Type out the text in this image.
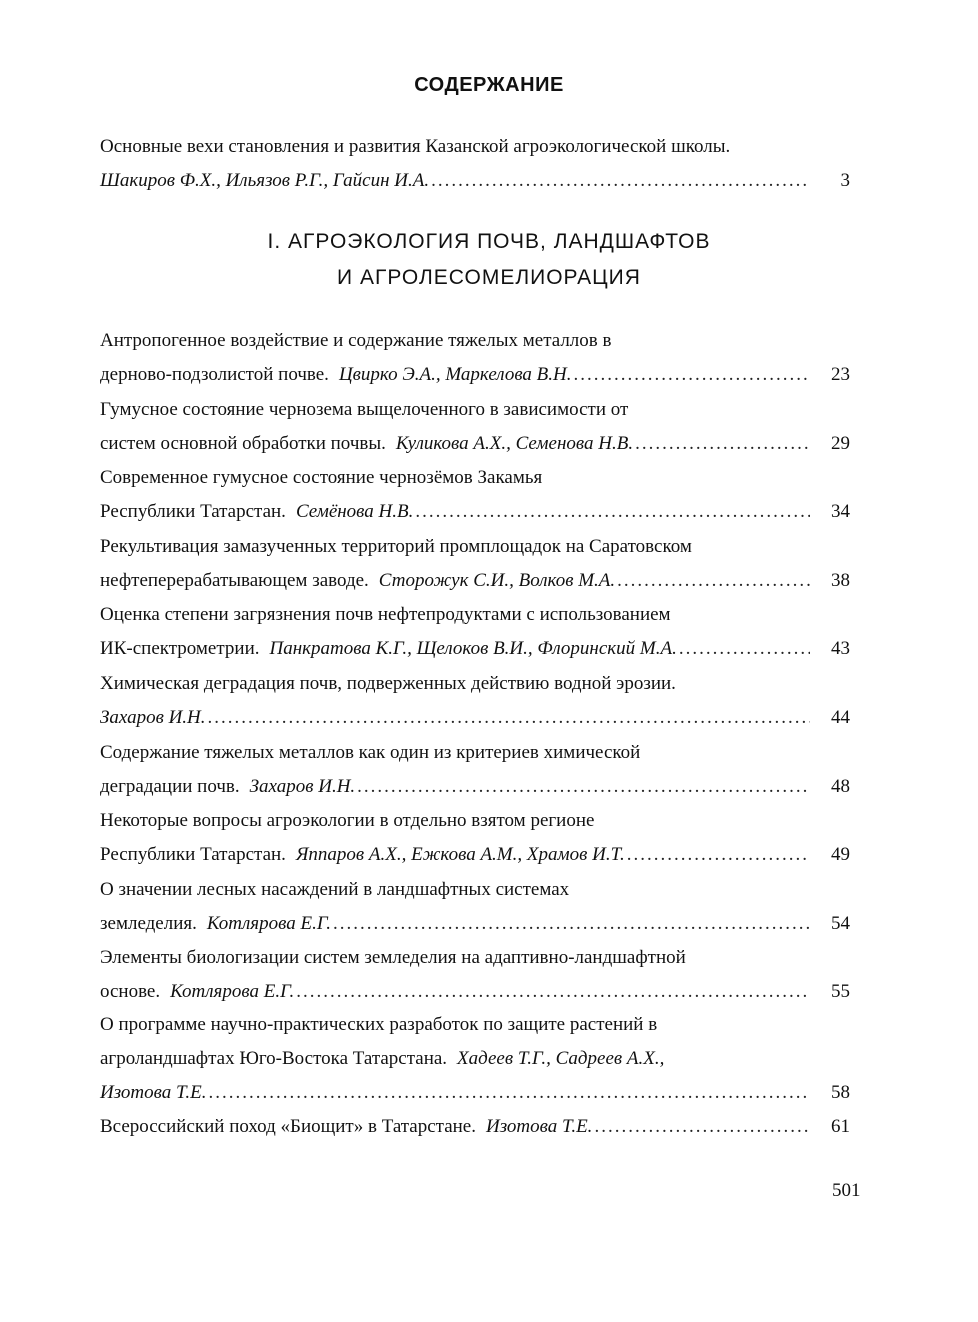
СОДЕРЖАНИЕ
Основные вехи становления и развития Казанской агроэкологической школы.
Шакиров Ф.Х., Ильязов Р.Г., Гайсин И.А. .....	3
I. АГРОЭКОЛОГИЯ ПОЧВ, ЛАНДШАФТОВ
И АГРОЛЕСОМЕЛИОРАЦИЯ
Антропогенное воздействие и содержание тяжелых металлов в
дерново-подзолистой почве. Цвирко Э.А., Маркелова В.Н. .....	23
Гумусное состояние чернозема выщелоченного в зависимости от
систем основной обработки почвы. Куликова А.Х., Семенова Н.В. .....	29
Современное гумусное состояние чернозёмов Закамья
Республики Татарстан. Семёнова Н.В. .....	34
Рекультивация замазученных территорий промплощадок на Саратовском
нефтеперерабатывающем заводе. Сторожук С.И., Волков М.А. .....	38
Оценка степени загрязнения почв нефтепродуктами с использованием
ИК-спектрометрии. Панкратова К.Г., Щелоков В.И., Флоринский М.А. .....	43
Химическая деградация почв, подверженных действию водной эрозии.
Захаров И.Н. .....	44
Содержание тяжелых металлов как один из критериев химической
деградации почв. Захаров И.Н. .....	48
Некоторые вопросы агроэкологии в отдельно взятом регионе
Республики Татарстан. Яппаров А.Х., Ежкова А.М., Храмов И.Т. .....	49
О значении лесных насаждений в ландшафтных системах
земледелия. Котлярова Е.Г. .....	54
Элементы биологизации систем земледелия на адаптивно-ландшафтной
основе. Котлярова Е.Г. .....	55
О программе научно-практических разработок по защите растений в
агроландшафтах Юго-Востока Татарстана. Хадеев Т.Г., Садреев А.Х.,
Изотова Т.Е. .....	58
Всероссийский поход «Биощит» в Татарстане. Изотова Т.Е. .....	61
501
